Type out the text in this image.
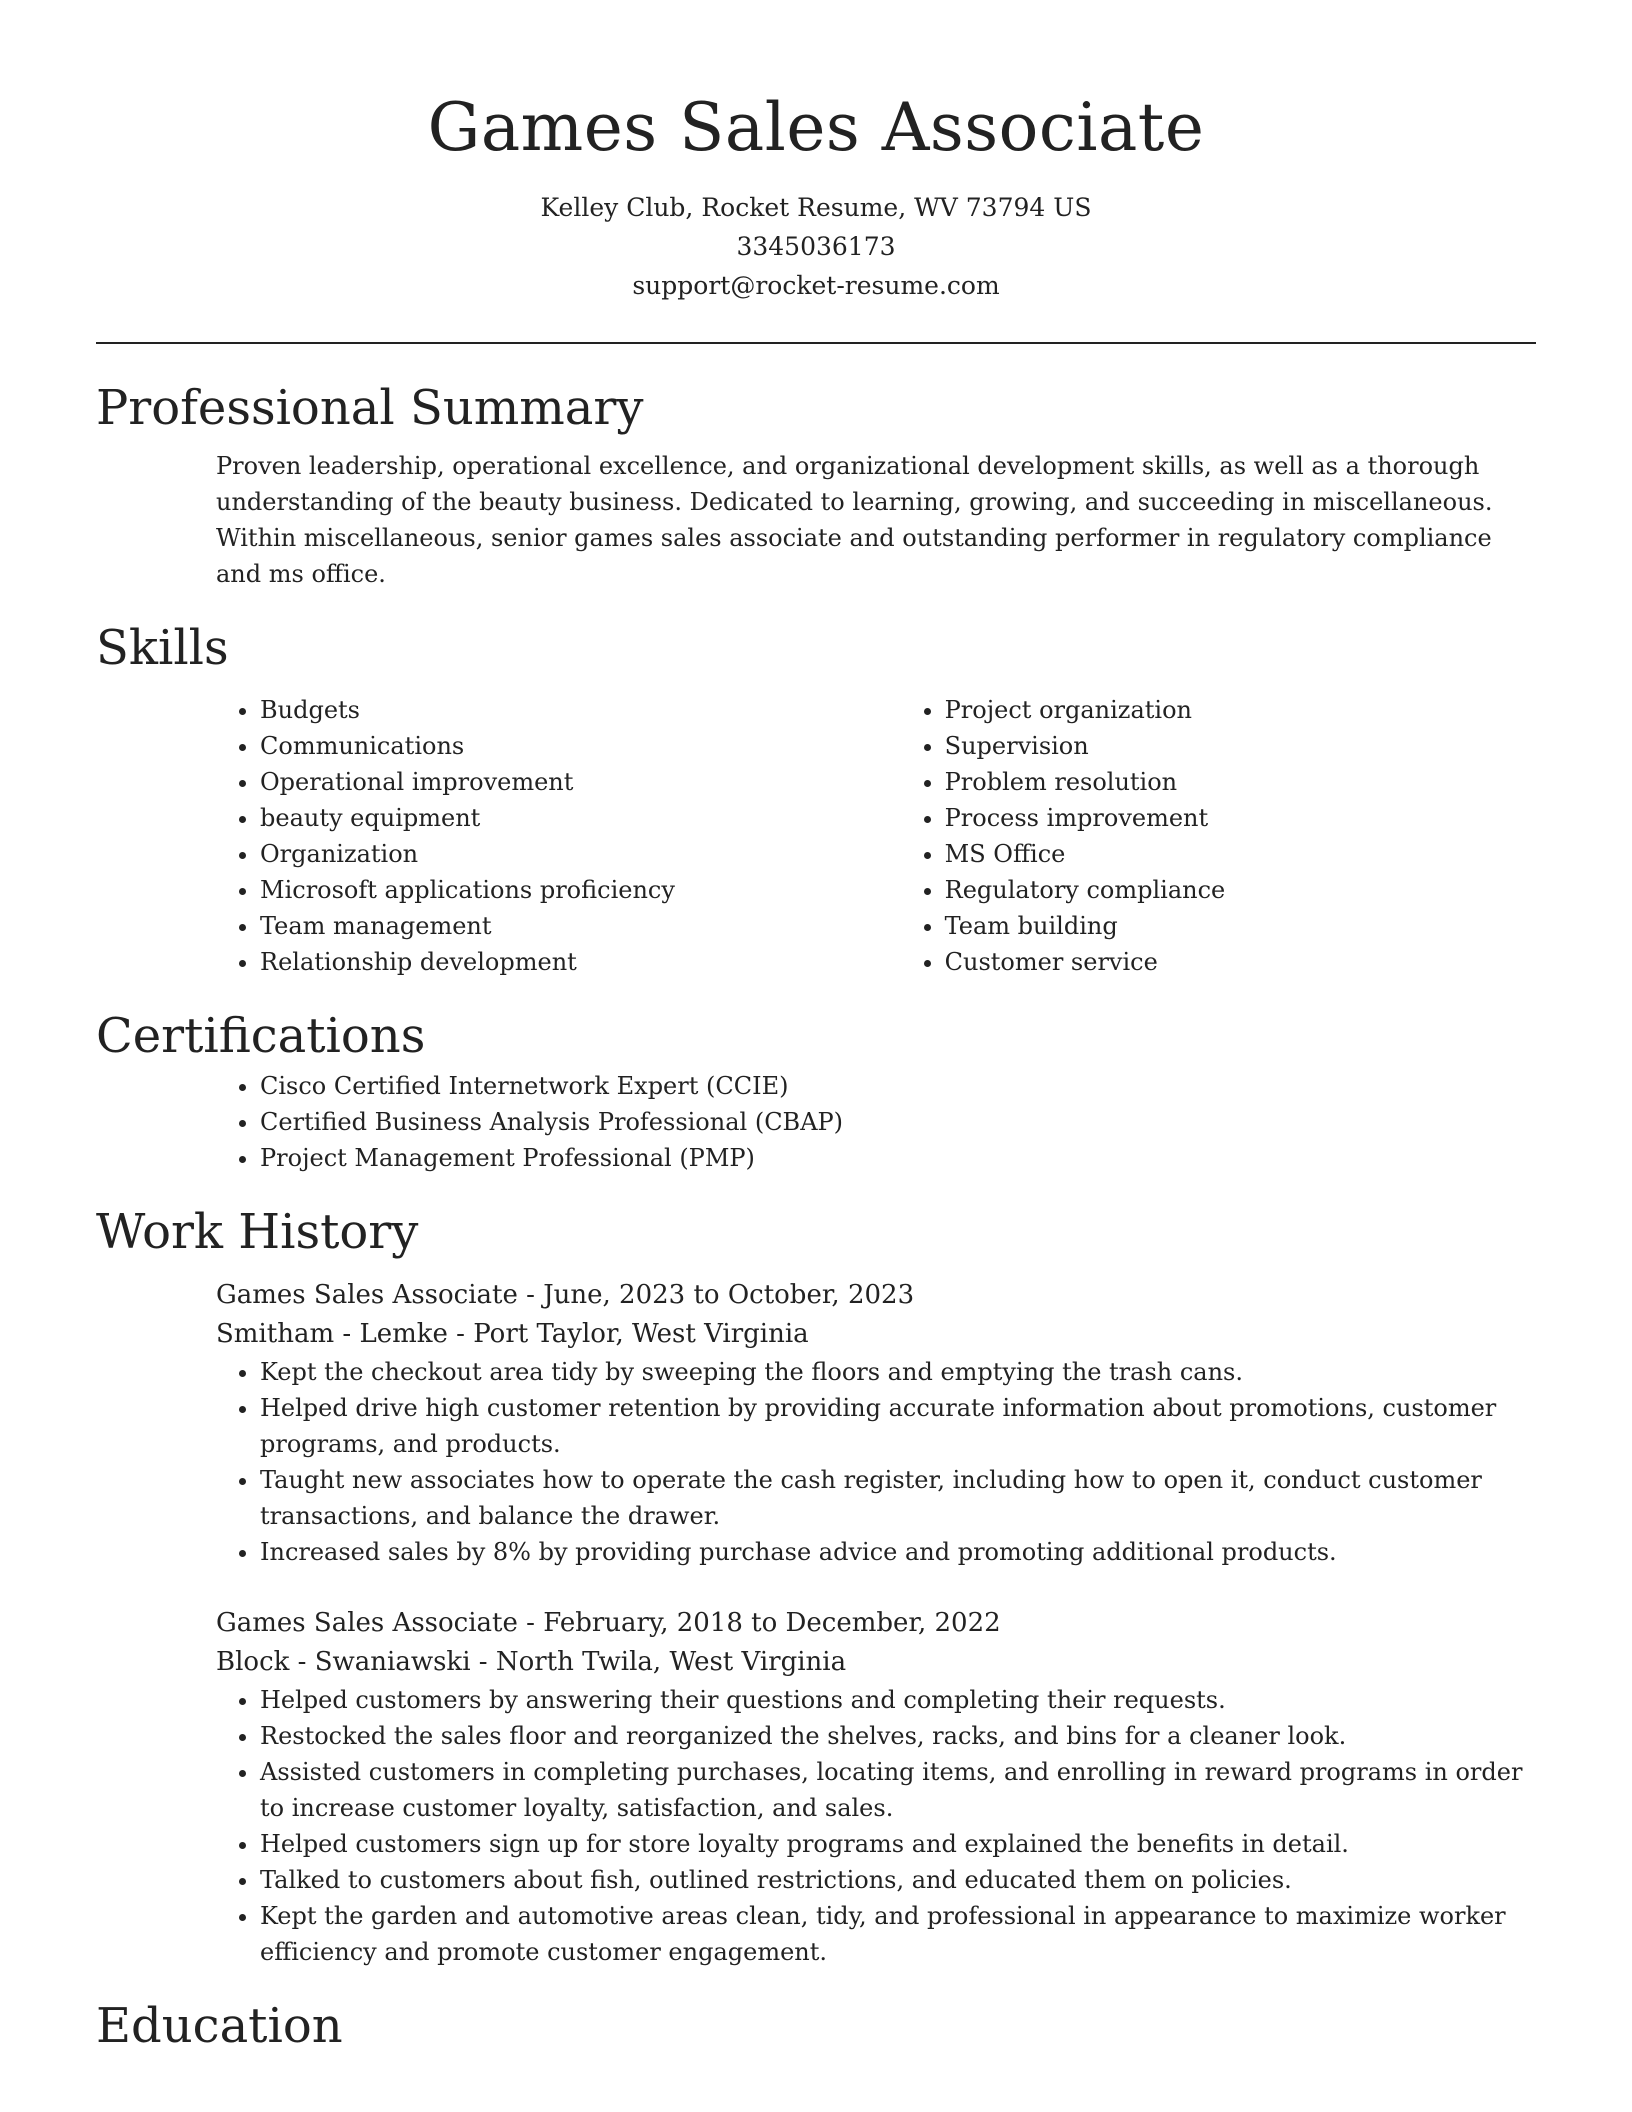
Games Sales Associate
Kelley Club, Rocket Resume, WV 73794 US
3345036173
support@rocket-resume.com
Professional Summary

Proven leadership, operational excellence, and organizational development skills, as well as a thorough understanding of the beauty business. Dedicated to learning, growing, and succeeding in miscellaneous. Within miscellaneous, senior games sales associate and outstanding performer in regulatory compliance and ms office.

Skills
• Budgets
• Communications
• Operational improvement
• beauty equipment
• Organization
• Microsoft applications proficiency
• Team management
• Relationship development
• Project organization
• Supervision
• Problem resolution
• Process improvement
• MS Office
• Regulatory compliance
• Team building
• Customer service
Certifications
• Cisco Certified Internetwork Expert (CCIE)
• Certified Business Analysis Professional (CBAP)
• Project Management Professional (PMP)
Work History
Games Sales Associate - June, 2023 to October, 2023
Smitham - Lemke - Port Taylor, West Virginia
• Kept the checkout area tidy by sweeping the floors and emptying the trash cans.
• Helped drive high customer retention by providing accurate information about promotions, customer programs, and products.
• Taught new associates how to operate the cash register, including how to open it, conduct customer transactions, and balance the drawer.
• Increased sales by 8% by providing purchase advice and promoting additional products.
Games Sales Associate - February, 2018 to December, 2022
Block - Swaniawski - North Twila, West Virginia
• Helped customers by answering their questions and completing their requests.
• Restocked the sales floor and reorganized the shelves, racks, and bins for a cleaner look.
• Assisted customers in completing purchases, locating items, and enrolling in reward programs in order to increase customer loyalty, satisfaction, and sales.
• Helped customers sign up for store loyalty programs and explained the benefits in detail.
• Talked to customers about fish, outlined restrictions, and educated them on policies.
• Kept the garden and automotive areas clean, tidy, and professional in appearance to maximize worker efficiency and promote customer engagement.
Education
